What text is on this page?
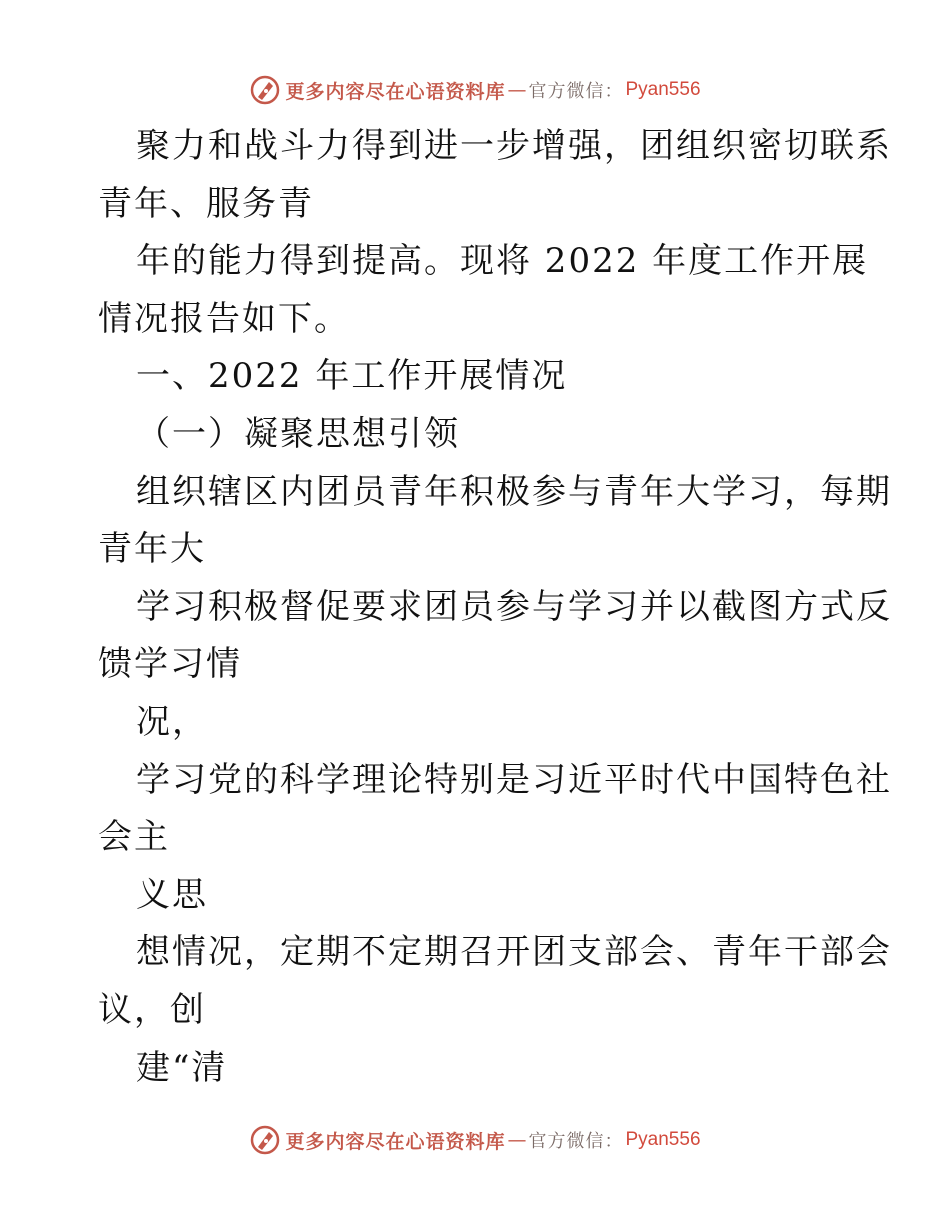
更多内容尽在心语资料库 — 官方微信： Pyan556
聚力和战斗力得到进一步增强，团组织密切联系
青年、服务青
年的能力得到提高。现将 2022 年度工作开展
情况报告如下。
一、2022 年工作开展情况
（一）凝聚思想引领
组织辖区内团员青年积极参与青年大学习，每期
青年大
学习积极督促要求团员参与学习并以截图方式反
馈学习情
况，
学习党的科学理论特别是习近平时代中国特色社
会主
义思
想情况，定期不定期召开团支部会、青年干部会
议，创
建“清
更多内容尽在心语资料库 — 官方微信： Pyan556
